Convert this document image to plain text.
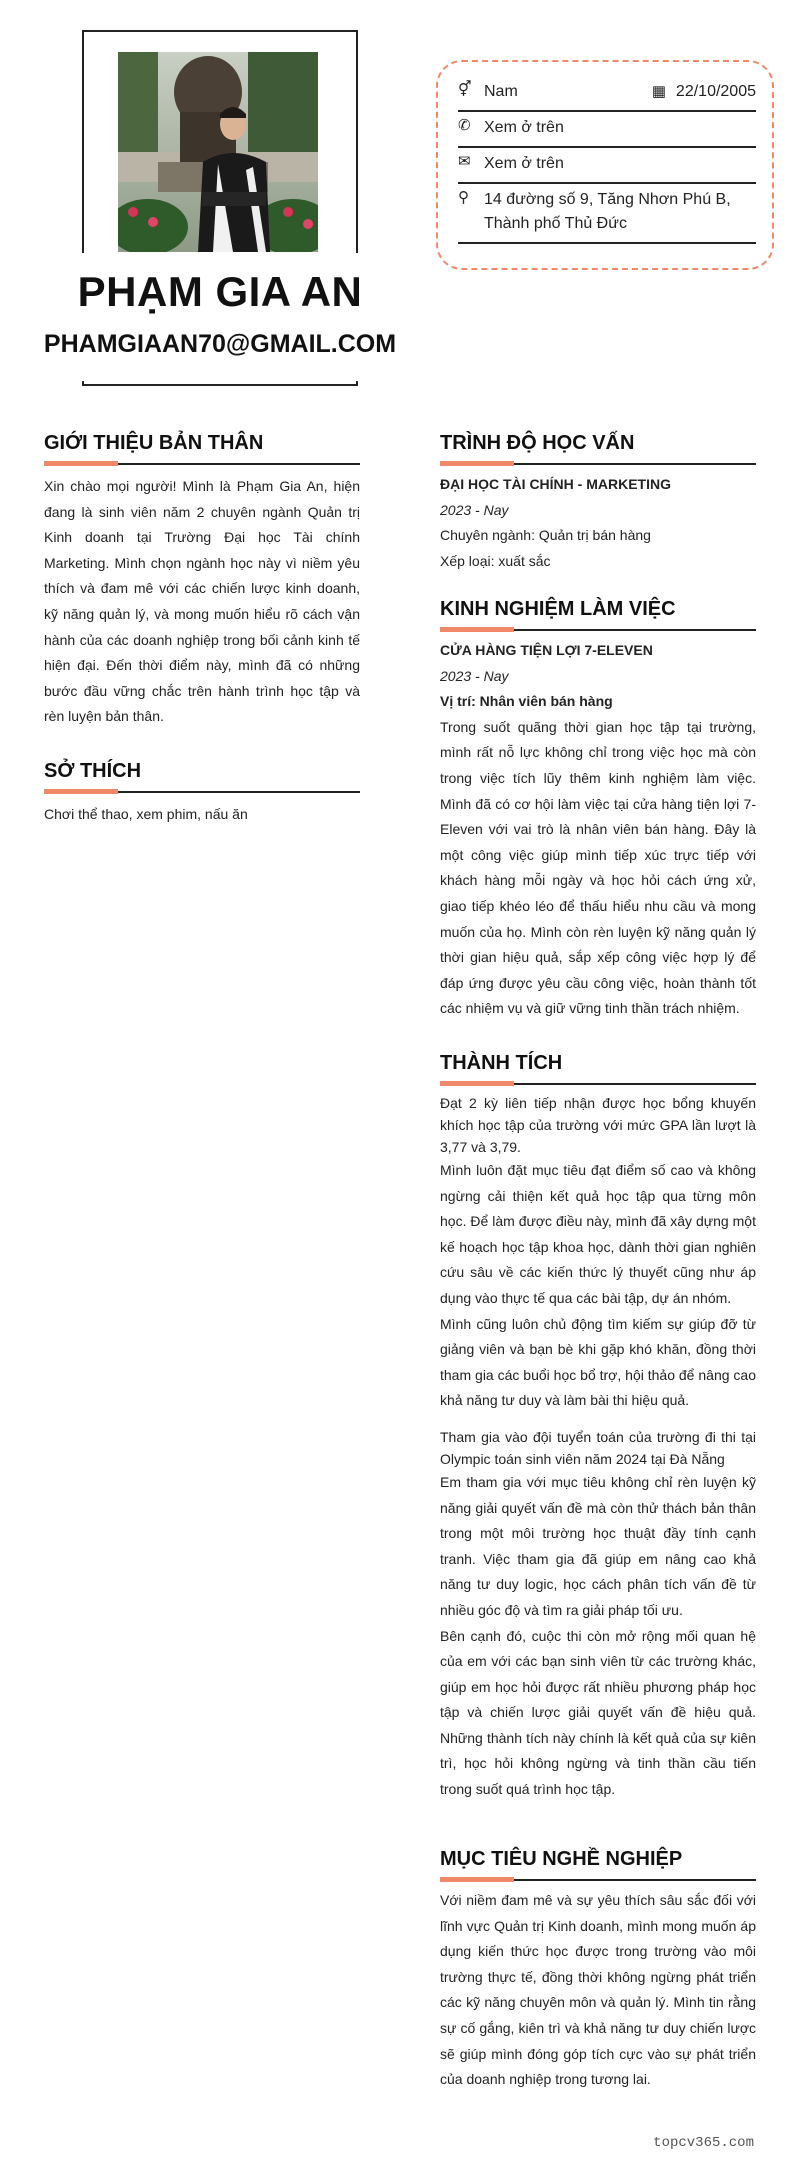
PHẠM GIA AN
PHAMGIAAN70@GMAIL.COM
⚥ Nam	▦ 22/10/2005
✆ Xem ở trên
✉ Xem ở trên
⚲ 14 đường số 9, Tăng Nhơn Phú B,
Thành phố Thủ Đức
GIỚI THIỆU BẢN THÂN
Xin chào mọi người! Mình là Phạm Gia An, hiện đang là sinh viên năm 2 chuyên ngành Quản trị Kinh doanh tại Trường Đại học Tài chính Marketing. Mình chọn ngành học này vì niềm yêu thích và đam mê với các chiến lược kinh doanh, kỹ năng quản lý, và mong muốn hiểu rõ cách vận hành của các doanh nghiệp trong bối cảnh kinh tế hiện đại. Đến thời điểm này, mình đã có những bước đầu vững chắc trên hành trình học tập và rèn luyện bản thân.
SỞ THÍCH
Chơi thể thao, xem phim, nấu ăn
TRÌNH ĐỘ HỌC VẤN
ĐẠI HỌC TÀI CHÍNH - MARKETING
2023 - Nay
Chuyên ngành: Quản trị bán hàng
Xếp loại: xuất sắc
KINH NGHIỆM LÀM VIỆC
CỬA HÀNG TIỆN LỢI 7-ELEVEN
2023 - Nay
Vị trí: Nhân viên bán hàng
Trong suốt quãng thời gian học tập tại trường, mình rất nỗ lực không chỉ trong việc học mà còn trong việc tích lũy thêm kinh nghiệm làm việc. Mình đã có cơ hội làm việc tại cửa hàng tiện lợi 7-Eleven với vai trò là nhân viên bán hàng. Đây là một công việc giúp mình tiếp xúc trực tiếp với khách hàng mỗi ngày và học hỏi cách ứng xử, giao tiếp khéo léo để thấu hiểu nhu cầu và mong muốn của họ. Mình còn rèn luyện kỹ năng quản lý thời gian hiệu quả, sắp xếp công việc hợp lý để đáp ứng được yêu cầu công việc, hoàn thành tốt các nhiệm vụ và giữ vững tinh thần trách nhiệm.
THÀNH TÍCH
Đạt 2 kỳ liên tiếp nhận được học bổng khuyến khích học tập của trường với mức GPA lần lượt là 3,77 và 3,79.
Mình luôn đặt mục tiêu đạt điểm số cao và không ngừng cải thiện kết quả học tập qua từng môn học. Để làm được điều này, mình đã xây dựng một kế hoạch học tập khoa học, dành thời gian nghiên cứu sâu về các kiến thức lý thuyết cũng như áp dụng vào thực tế qua các bài tập, dự án nhóm.
Mình cũng luôn chủ động tìm kiếm sự giúp đỡ từ giảng viên và bạn bè khi gặp khó khăn, đồng thời tham gia các buổi học bổ trợ, hội thảo để nâng cao khả năng tư duy và làm bài thi hiệu quả.
Tham gia vào đội tuyển toán của trường đi thi tại Olympic toán sinh viên năm 2024 tại Đà Nẵng
Em tham gia với mục tiêu không chỉ rèn luyện kỹ năng giải quyết vấn đề mà còn thử thách bản thân trong một môi trường học thuật đầy tính cạnh tranh. Việc tham gia đã giúp em nâng cao khả năng tư duy logic, học cách phân tích vấn đề từ nhiều góc độ và tìm ra giải pháp tối ưu.
Bên cạnh đó, cuộc thi còn mở rộng mối quan hệ của em với các bạn sinh viên từ các trường khác, giúp em học hỏi được rất nhiều phương pháp học tập và chiến lược giải quyết vấn đề hiệu quả. Những thành tích này chính là kết quả của sự kiên trì, học hỏi không ngừng và tinh thần cầu tiến trong suốt quá trình học tập.
MỤC TIÊU NGHỀ NGHIỆP
Với niềm đam mê và sự yêu thích sâu sắc đối với lĩnh vực Quản trị Kinh doanh, mình mong muốn áp dụng kiến thức học được trong trường vào môi trường thực tế, đồng thời không ngừng phát triển các kỹ năng chuyên môn và quản lý. Mình tin rằng sự cố gắng, kiên trì và khả năng tư duy chiến lược sẽ giúp mình đóng góp tích cực vào sự phát triển của doanh nghiệp trong tương lai.
topcv365.com
